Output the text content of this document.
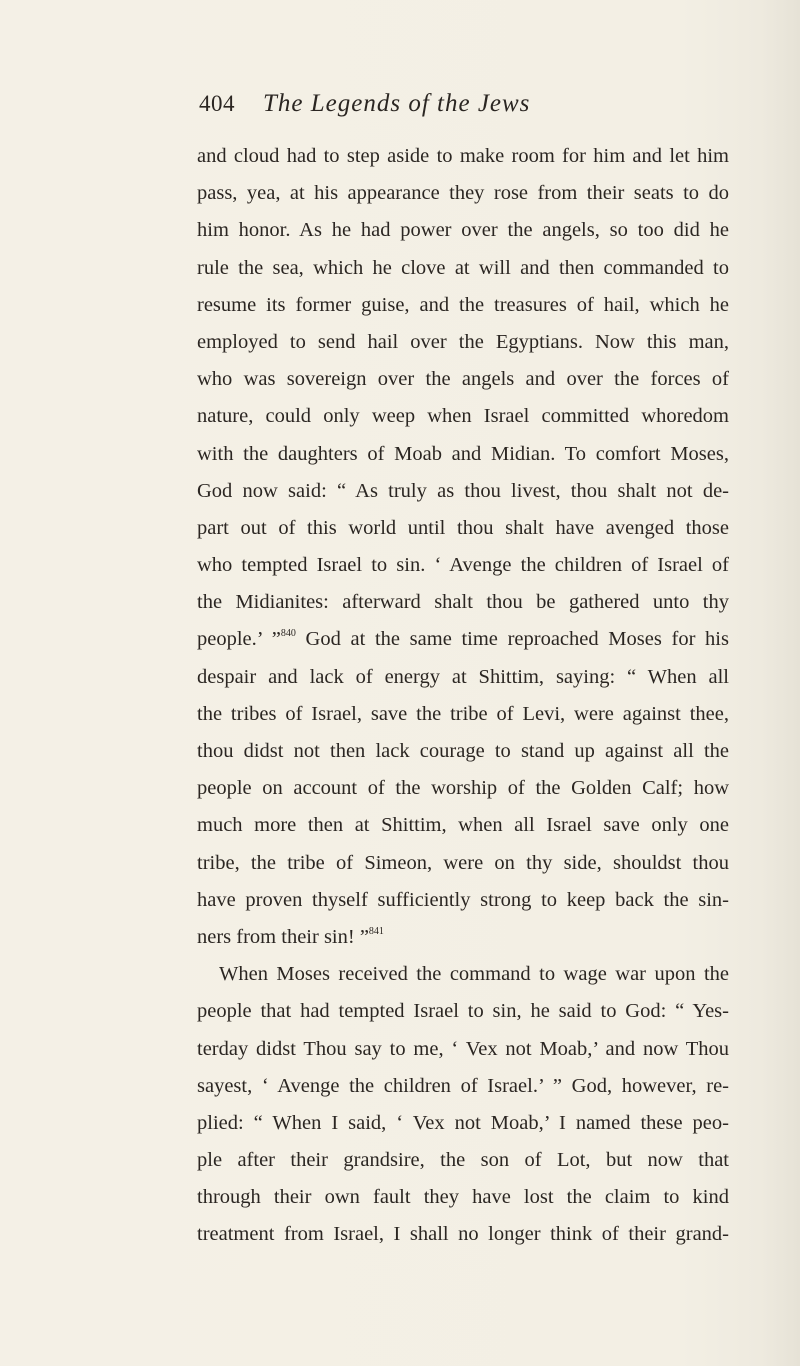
404 The Legends of the Jews
and cloud had to step aside to make room for him and let him
pass, yea, at his appearance they rose from their seats to do
him honor. As he had power over the angels, so too did he
rule the sea, which he clove at will and then commanded to
resume its former guise, and the treasures of hail, which he
employed to send hail over the Egyptians. Now this man,
who was sovereign over the angels and over the forces of
nature, could only weep when Israel committed whoredom
with the daughters of Moab and Midian. To comfort Moses,
God now said: “ As truly as thou livest, thou shalt not de-
part out of this world until thou shalt have avenged those
who tempted Israel to sin. ‘ Avenge the children of Israel of
the Midianites: afterward shalt thou be gathered unto thy
people.’ ”$^{840}$ God at the same time reproached Moses for his
despair and lack of energy at Shittim, saying: “ When all
the tribes of Israel, save the tribe of Levi, were against thee,
thou didst not then lack courage to stand up against all the
people on account of the worship of the Golden Calf; how
much more then at Shittim, when all Israel save only one
tribe, the tribe of Simeon, were on thy side, shouldst thou
have proven thyself sufficiently strong to keep back the sin-
ners from their sin! ”$^{841}$
When Moses received the command to wage war upon the
people that had tempted Israel to sin, he said to God: “ Yes-
terday didst Thou say to me, ‘ Vex not Moab,’ and now Thou
sayest, ‘ Avenge the children of Israel.’ ” God, however, re-
plied: “ When I said, ‘ Vex not Moab,’ I named these peo-
ple after their grandsire, the son of Lot, but now that
through their own fault they have lost the claim to kind
treatment from Israel, I shall no longer think of their grand-
